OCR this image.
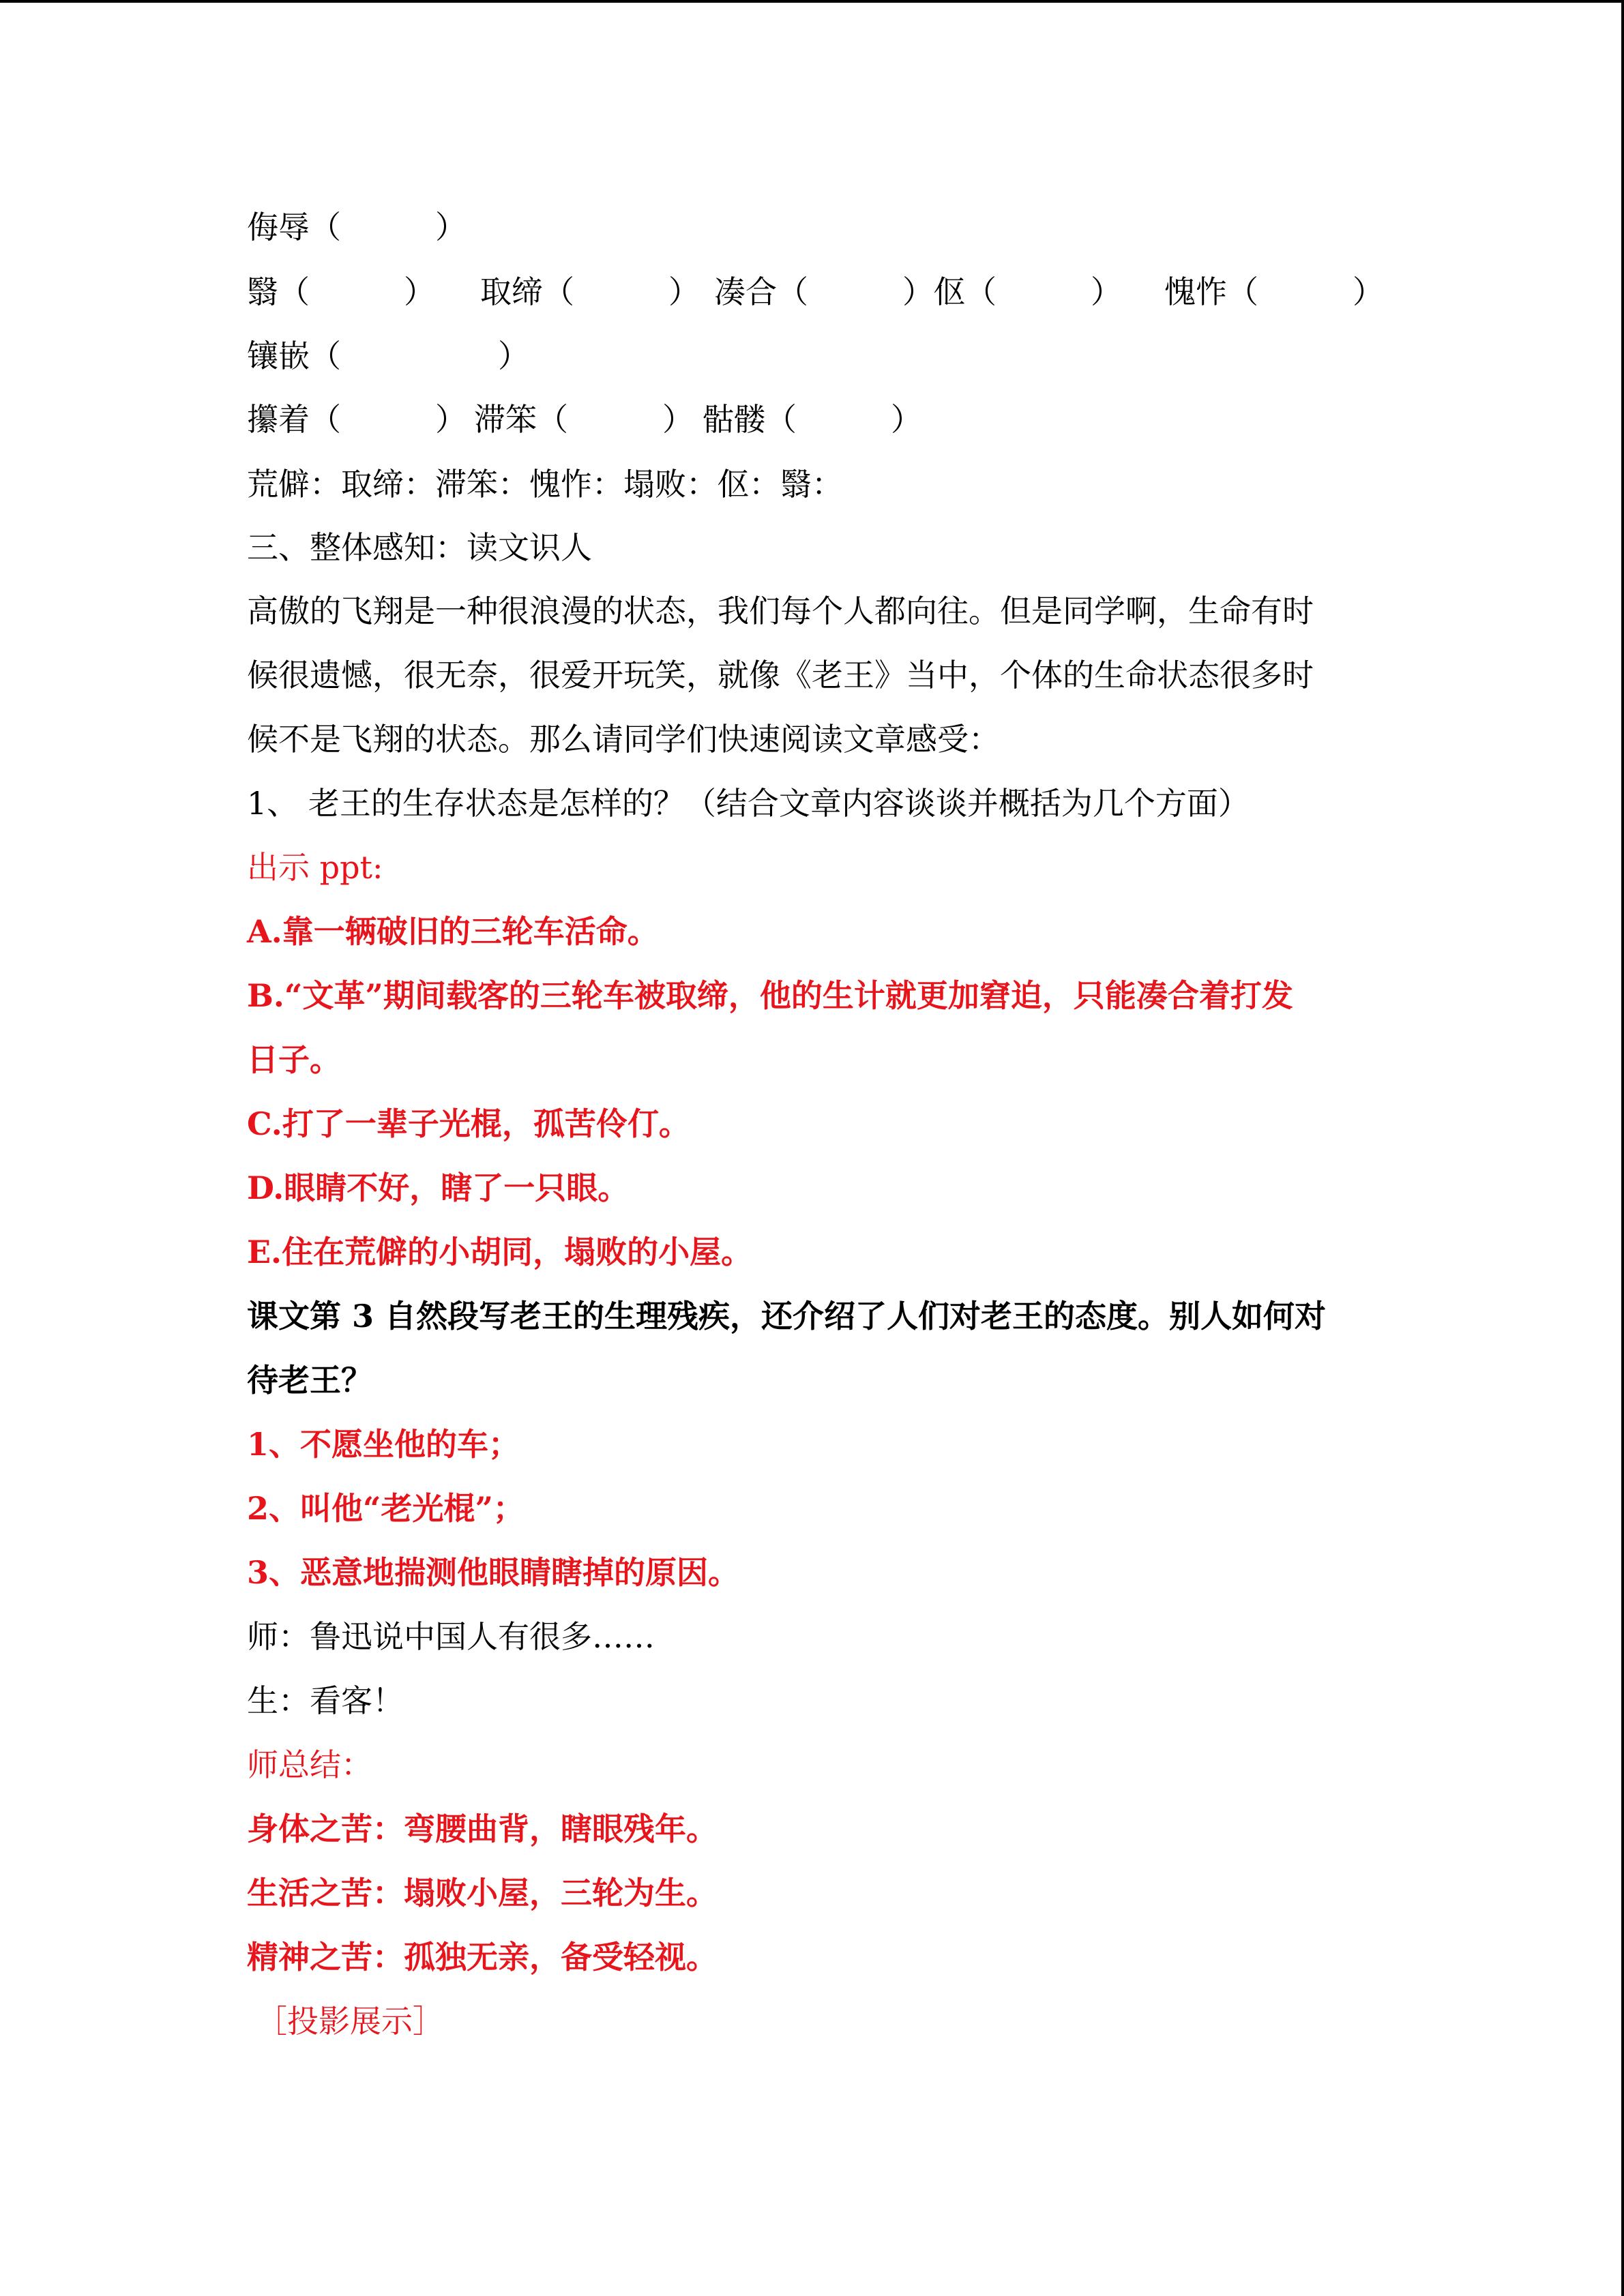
侮辱（　　　）
翳（　　　） 取缔（　　　） 凑合（　　　）伛（　　　） 愧怍（　　　）
镶嵌（　　　　　）
攥着（　　　） 滞笨（　　　） 骷髅（　　　）
荒僻：取缔：滞笨：愧怍：塌败：伛：翳：
三、整体感知：读文识人
高傲的飞翔是一种很浪漫的状态，我们每个人都向往。但是同学啊，生命有时
候很遗憾，很无奈，很爱开玩笑，就像《老王》当中，个体的生命状态很多时
候不是飞翔的状态。那么请同学们快速阅读文章感受：
1、 老王的生存状态是怎样的？（结合文章内容谈谈并概括为几个方面）
出示 ppt:
A.靠一辆破旧的三轮车活命。
B.“文革”期间载客的三轮车被取缔，他的生计就更加窘迫，只能凑合着打发
日子。
C.打了一辈子光棍，孤苦伶仃。
D.眼睛不好，瞎了一只眼。
E.住在荒僻的小胡同，塌败的小屋。
课文第 3 自然段写老王的生理残疾，还介绍了人们对老王的态度。别人如何对
待老王？
1、不愿坐他的车；
2、叫他“老光棍”；
3、恶意地揣测他眼睛瞎掉的原因。
师：鲁迅说中国人有很多……
生：看客！
师总结：
身体之苦：弯腰曲背，瞎眼残年。
生活之苦：塌败小屋，三轮为生。
精神之苦：孤独无亲，备受轻视。
［投影展示］
